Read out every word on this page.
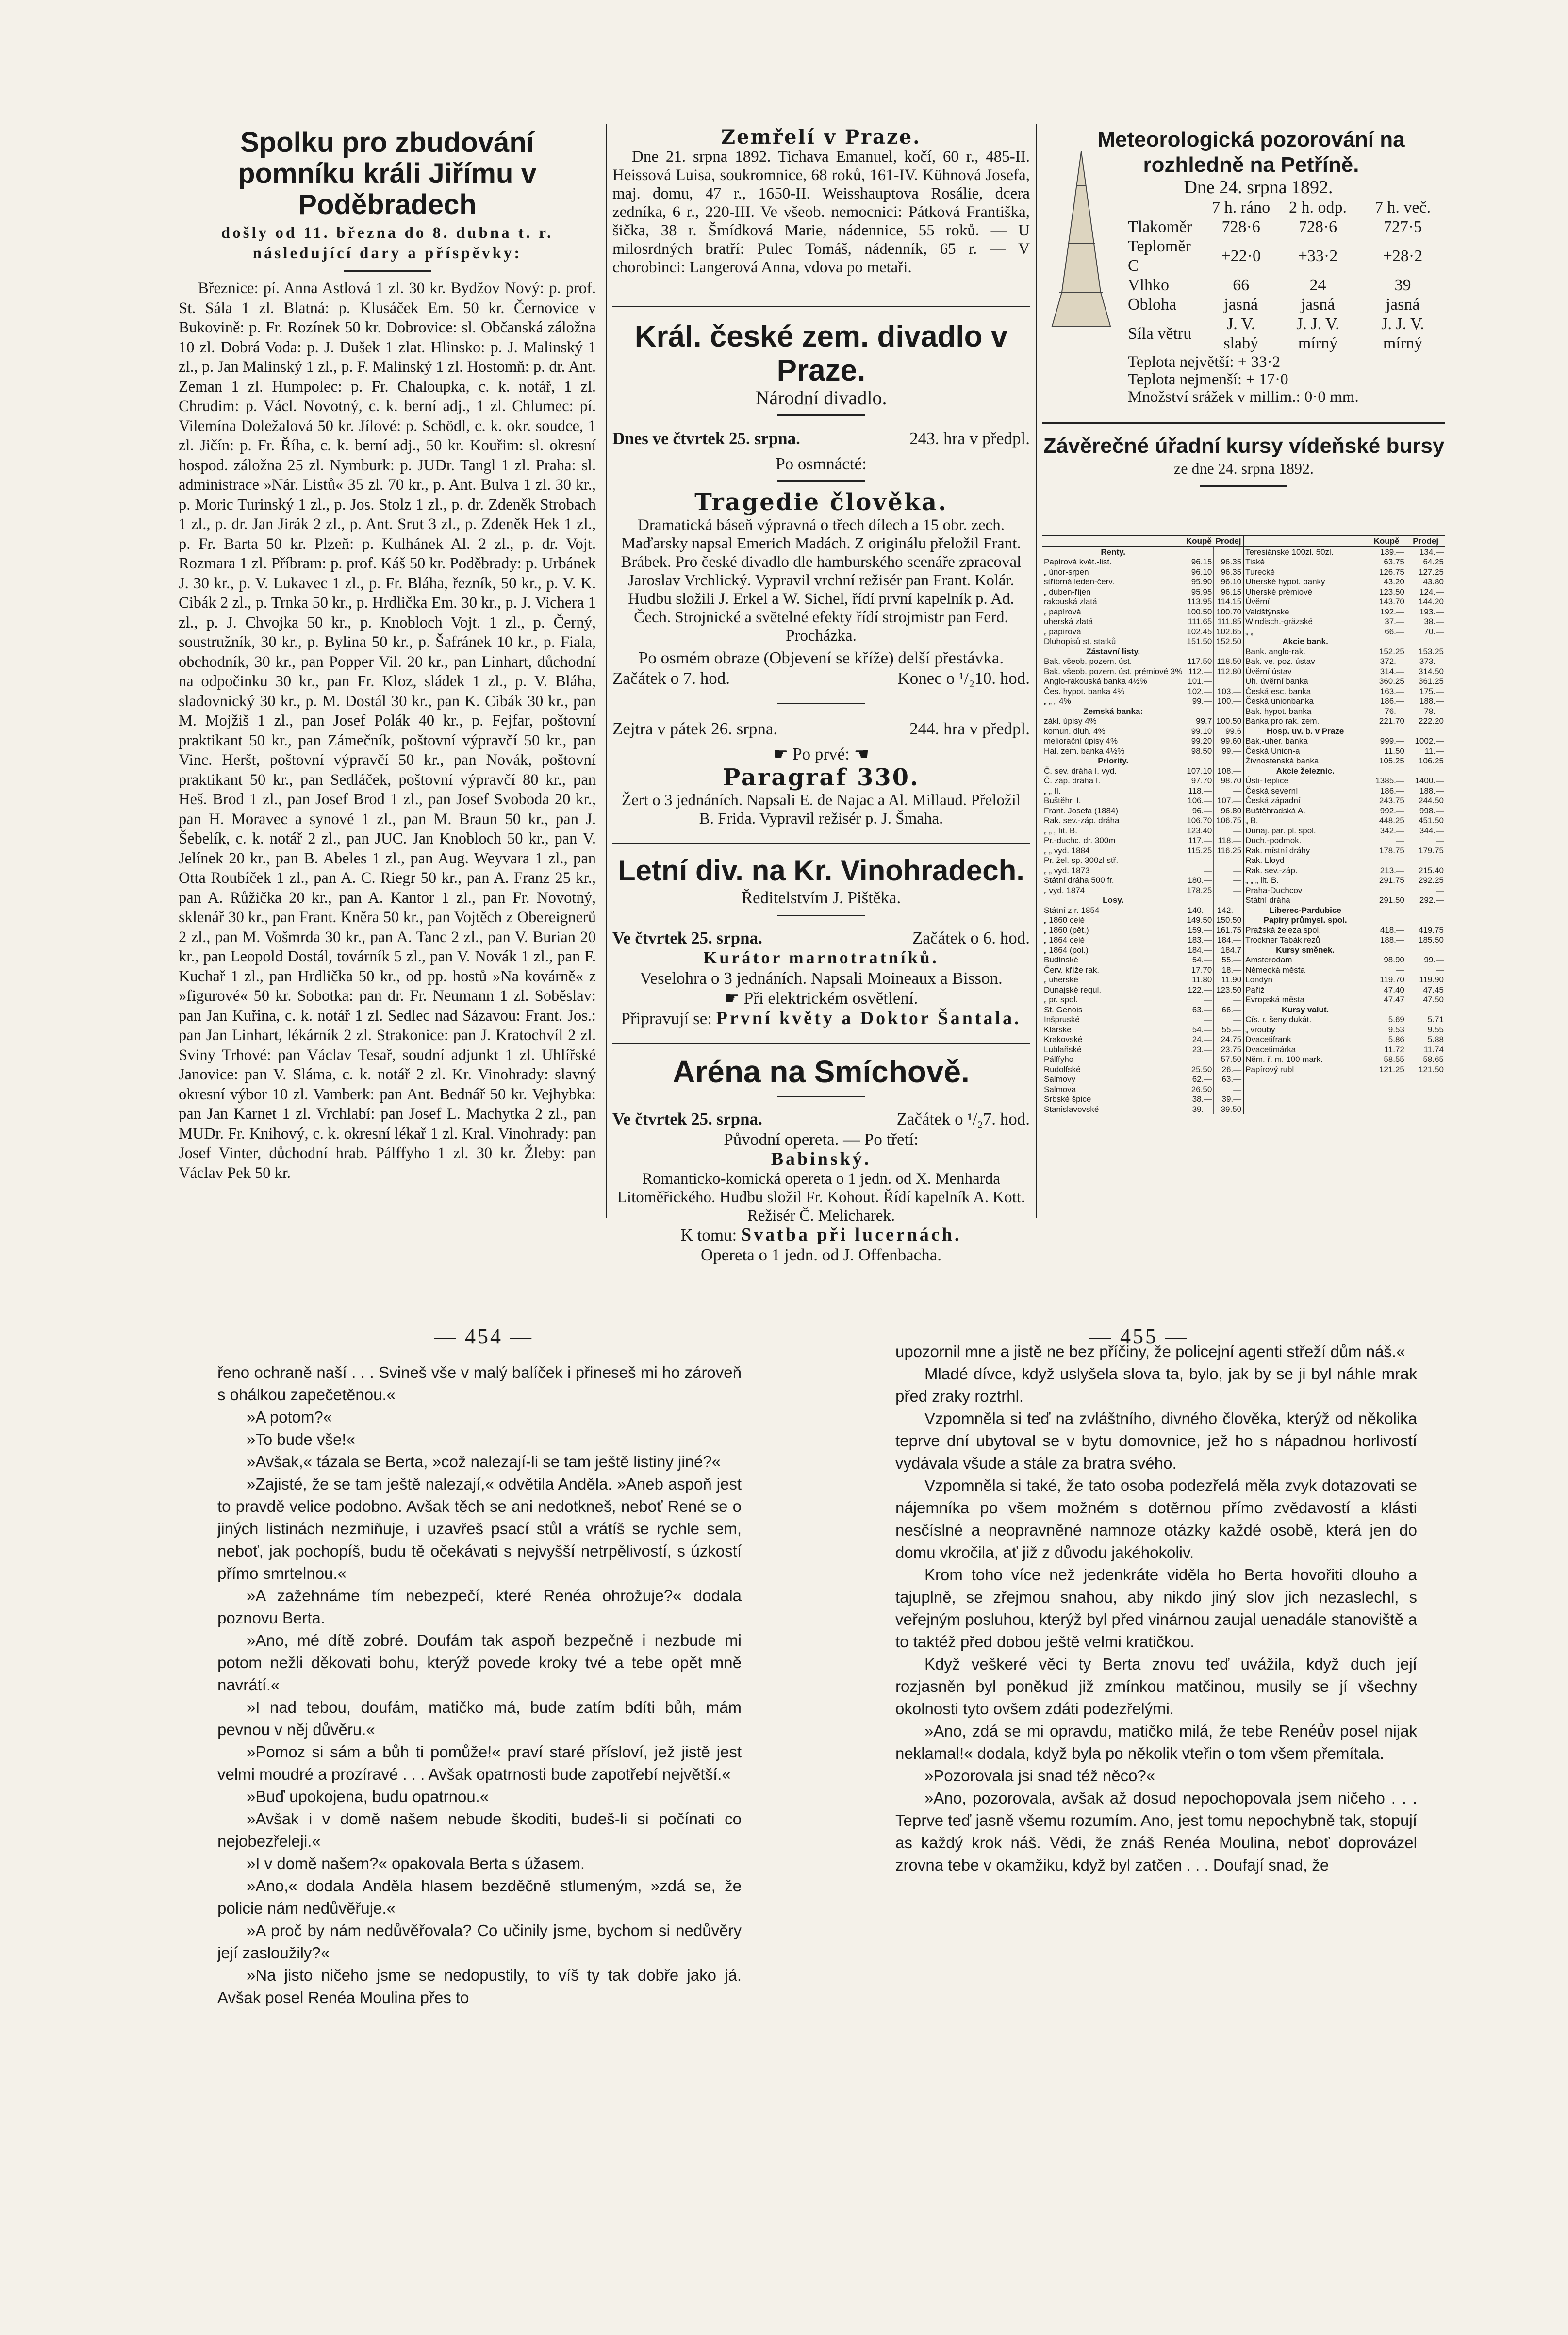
Spolku pro zbudování pomníku králi Jiřímu v Poděbradech

došly od 11. března do 8. dubna t. r. následující dary a příspěvky:

Březnice: pí. Anna Astlová 1 zl. 30 kr. Bydžov Nový: p. prof. St. Sála 1 zl. Blatná: p. Klusáček Em. 50 kr. Černovice v Bukovině: p. Fr. Rozínek 50 kr. Dobrovice: sl. Občanská záložna 10 zl. Dobrá Voda: p. J. Dušek 1 zlat. Hlinsko: p. J. Malinský 1 zl., p. Jan Malinský 1 zl., p. F. Malinský 1 zl. Hostomň: p. dr. Ant. Zeman 1 zl. Humpolec: p. Fr. Chaloupka, c. k. notář, 1 zl. Chrudim: p. Václ. Novotný, c. k. berní adj., 1 zl. Chlumec: pí. Vilemína Doležalová 50 kr. Jílové: p. Schödl, c. k. okr. soudce, 1 zl. Jičín: p. Fr. Říha, c. k. berní adj., 50 kr. Kouřim: sl. okresní hospod. záložna 25 zl. Nymburk: p. JUDr. Tangl 1 zl. Praha: sl. administrace »Nár. Listů« 35 zl. 70 kr., p. Ant. Bulva 1 zl. 30 kr., p. Moric Turinský 1 zl., p. Jos. Stolz 1 zl., p. dr. Zdeněk Strobach 1 zl., p. dr. Jan Jirák 2 zl., p. Ant. Srut 3 zl., p. Zdeněk Hek 1 zl., p. Fr. Barta 50 kr. Plzeň: p. Kulhánek Al. 2 zl., p. dr. Vojt. Rozmara 1 zl. Příbram: p. prof. Káš 50 kr. Poděbrady: p. Urbánek J. 30 kr., p. V. Lukavec 1 zl., p. Fr. Bláha, řezník, 50 kr., p. V. K. Cibák 2 zl., p. Trnka 50 kr., p. Hrdlička Em. 30 kr., p. J. Vichera 1 zl., p. J. Chvojka 50 kr., p. Knobloch Vojt. 1 zl., p. Černý, soustružník, 30 kr., p. Bylina 50 kr., p. Šafránek 10 kr., p. Fiala, obchodník, 30 kr., pan Popper Vil. 20 kr., pan Linhart, důchodní na odpočinku 30 kr., pan Fr. Kloz, sládek 1 zl., p. V. Bláha, sladovnický 30 kr., p. M. Dostál 30 kr., pan K. Cibák 30 kr., pan M. Mojžiš 1 zl., pan Josef Polák 40 kr., p. Fejfar, poštovní praktikant 50 kr., pan Zámečník, poštovní výpravčí 50 kr., pan Vinc. Heršt, poštovní výpravčí 50 kr., pan Novák, poštovní praktikant 50 kr., pan Sedláček, poštovní výpravčí 80 kr., pan Heš. Brod 1 zl., pan Josef Brod 1 zl., pan Josef Svoboda 20 kr., pan H. Moravec a synové 1 zl., pan M. Braun 50 kr., pan J. Šebelík, c. k. notář 2 zl., pan JUC. Jan Knobloch 50 kr., pan V. Jelínek 20 kr., pan B. Abeles 1 zl., pan Aug. Weyvara 1 zl., pan Otta Roubíček 1 zl., pan A. C. Riegr 50 kr., pan A. Franz 25 kr., pan A. Růžička 20 kr., pan A. Kantor 1 zl., pan Fr. Novotný, sklenář 30 kr., pan Frant. Kněra 50 kr., pan Vojtěch z Obereignerů 2 zl., pan M. Vošmrda 30 kr., pan A. Tanc 2 zl., pan V. Burian 20 kr., pan Leopold Dostál, továrník 5 zl., pan V. Novák 1 zl., pan F. Kuchař 1 zl., pan Hrdlička 50 kr., od pp. hostů »Na kovárně« z »figurové« 50 kr. Sobotka: pan dr. Fr. Neumann 1 zl. Soběslav: pan Jan Kuřina, c. k. notář 1 zl. Sedlec nad Sázavou: Frant. Jos.: pan Jan Linhart, lékárník 2 zl. Strakonice: pan J. Kratochvíl 2 zl. Sviny Trhové: pan Václav Tesař, soudní adjunkt 1 zl. Uhlířské Janovice: pan V. Sláma, c. k. notář 2 zl. Kr. Vinohrady: slavný okresní výbor 10 zl. Vamberk: pan Ant. Bednář 50 kr. Vejhybka: pan Jan Karnet 1 zl. Vrchlabí: pan Josef L. Machytka 2 zl., pan MUDr. Fr. Knihový, c. k. okresní lékař 1 zl. Kral. Vinohrady: pan Josef Vinter, důchodní hrab. Pálffyho 1 zl. 30 kr. Žleby: pan Václav Pek 50 kr.

Zemřelí v Praze.

Dne 21. srpna 1892. Tichava Emanuel, kočí, 60 r., 485-II. Heissová Luisa, soukromnice, 68 roků, 161-IV. Kühnová Josefa, maj. domu, 47 r., 1650-II. Weisshauptova Rosálie, dcera zedníka, 6 r., 220-III. Ve všeob. nemocnici: Pátková Františka, šička, 38 r. Šmídková Marie, nádennice, 55 roků. — U milosrdných bratří: Pulec Tomáš, nádenník, 65 r. — V chorobinci: Langerová Anna, vdova po metaři.

Král. české zem. divadlo v Praze.

Národní divadlo.

Dnes ve čtvrtek 25. srpna.	243. hra v předpl.

Po osmnácté:

Tragedie člověka.

Dramatická báseň výpravná o třech dílech a 15 obr. zech. Maďarsky napsal Emerich Madách. Z originálu přeložil Frant. Brábek. Pro české divadlo dle hamburského scenáře zpracoval Jaroslav Vrchlický. Vypravil vrchní režisér pan Frant. Kolár. Hudbu složili J. Erkel a W. Sichel, řídí první kapelník p. Ad. Čech. Strojnické a světelné efekty řídí strojmistr pan Ferd. Procházka.

Po osmém obraze (Objevení se kříže) delší přestávka.

Začátek o 7. hod.	Konec o ¹/₂10. hod.
Zejtra v pátek 26. srpna.	244. hra v předpl.

☛ Po prvé: ☚

Paragraf 330.

Žert o 3 jednáních. Napsali E. de Najac a Al. Millaud. Přeložil B. Frida. Vypravil režisér p. J. Šmaha.

Letní div. na Kr. Vinohradech.

Ředitelstvím J. Pištěka.

Ve čtvrtek 25. srpna.	Začátek o 6. hod.

Kurátor marnotratníků.

Veselohra o 3 jednáních. Napsali Moineaux a Bisson.

☛ Při elektrickém osvětlení.

Připravují se: První květy a Doktor Šantala.

Aréna na Smíchově.
Ve čtvrtek 25. srpna.	Začátek o ¹/₂7. hod.

Původní opereta. — Po třetí:

Babinský.

Romanticko-komická opereta o 1 jedn. od X. Menharda Litoměřického. Hudbu složil Fr. Kohout. Řídí kapelník A. Kott. Režisér Č. Melicharek.

K tomu: Svatba při lucernách.

Opereta o 1 jedn. od J. Offenbacha.

Meteorologická pozorování na rozhledně na Petříně.

Dne 24. srpna 1892.

	7 h. ráno	2 h. odp.	7 h. več.
Tlakoměr	728·6	728·6	727·5
Teploměr C	+22·0	+33·2	+28·2
Vlhko	66	24	39
Obloha	jasná	jasná	jasná
Síla větru	J. V. slabý	J. J. V. mírný	J. J. V. mírný

Teplota největší: + 33·2

Teplota nejmenší: + 17·0

Množství srážek v millim.: 0·0 mm.

Závěrečné úřadní kursy vídeňské bursy

ze dne 24. srpna 1892.

	Koupě	Prodej		Koupě	Prodej
Renty.			Teresiánské 100zl. 50zl.	139.—	134.—
Papírová květ.-list.	96.15	96.35	Tiské	63.75	64.25
„ únor-srpen	96.10	96.35	Turecké	126.75	127.25
stříbrná leden-červ.	95.90	96.10	Uherské hypot. banky	43.20	43.80
„ duben-říjen	95.95	96.15	Uherské prémiové	123.50	124.—
rakouská zlatá	113.95	114.15	Úvěrní	143.70	144.20
„ papírová	100.50	100.70	Valdštýnské	192.—	193.—
uherská zlatá	111.65	111.85	Windisch.-gräzské	37.—	38.—
„ papírová	102.45	102.65	„ „	66.—	70.—
Dluhopisů st. statků	151.50	152.50	Akcie bank.		
Zástavní listy.			Bank. anglo-rak.	152.25	153.25
Bak. všeob. pozem. úst.	117.50	118.50	Bak. ve. poz. ústav	372.—	373.—
Bak. všeob. pozem. úst. prémiové 3%	112.—	112.80	Úvěrní ústav	314.—	314.50
Anglo-rakouská banka 4½%	101.—		Uh. úvěrní banka	360.25	361.25
Čes. hypot. banka 4%	102.—	103.—	Česká esc. banka	163.—	175.—
„ „ „ 4%	99.—	100.—	Česká unionbanka	186.—	188.—
Zemská banka:			Bak. hypot. banka	76.—	78.—
zákl. úpisy 4%	99.7	100.50	Banka pro rak. zem.	221.70	222.20
komun. dluh. 4%	99.10	99.6	Hosp. uv. b. v Praze		
meliorační úpisy 4%	99.20	99.60	Bak.-uher. banka	999.—	1002.—
Hal. zem. banka 4½%	98.50	99.—	Česká Union-a	11.50	11.—
Priority.			Živnostenská banka	105.25	106.25
Č. sev. dráha I. vyd.	107.10	108.—	Akcie železnic.		
Č. záp. dráha I.	97.70	98.70	Ústí-Teplice	1385.—	1400.—
„ „ II.	118.—	—	Česká severní	186.—	188.—
Buštěhr. I.	106.—	107.—	Česká západní	243.75	244.50
Frant. Josefa (1884)	96.—	96.80	Buštěhradská A.	992.—	998.—
Rak. sev.-záp. dráha	106.70	106.75	„ B.	448.25	451.50
„ „ „ lit. B.	123.40	—	Dunaj. par. pl. spol.	342.—	344.—
Pr.-duchc. dr. 300m	117.—	118.—	Duch.-podmok.	—	—
„ „ vyd. 1884	115.25	116.25	Rak. místní dráhy	178.75	179.75
Pr. žel. sp. 300zl stř.	—	—	Rak. Lloyd	—	—
„ „ vyd. 1873	—	—	Rak. sev.-záp.	213.—	215.40
Státní dráha 500 fr.	180.—	—	„ „ „ lit. B.	291.75	292.25
„ vyd. 1874	178.25	—	Praha-Duchcov		—
Losy.			Státní dráha	291.50	292.—
Státní z r. 1854	140.—	142.—	Liberec-Pardubice		
„ 1860 celé	149.50	150.50	Papíry průmysl. spol.		
„ 1860 (pět.)	159.—	161.75	Pražská železa spol.	418.—	419.75
„ 1864 celé	183.—	184.—	Trockner Tabák rezů	188.—	185.50
„ 1864 (pol.)	184.—	184.7	Kursy směnek.		
Budínské	54.—	55.—	Amsterodam	98.90	99.—
Červ. kříže rak.	17.70	18.—	Německá města	—	—
„ uherské	11.80	11.90	Londýn	119.70	119.90
Dunajské regul.	122.—	123.50	Paříž	47.40	47.45
„ pr. spol.	—	—	Evropská města	47.47	47.50
St. Genois	63.—	66.—	Kursy valut.		
Inšpruské	—	—	Cís. r. šeny dukát.	5.69	5.71
Klárské	54.—	55.—	„ vrouby	9.53	9.55
Krakovské	24.—	24.75	Dvacetifrank	5.86	5.88
Lublaňské	23.—	23.75	Dvacetimárka	11.72	11.74
Pálffyho	—	57.50	Něm. ř. m. 100 mark.	58.55	58.65
Rudolfské	25.50	26.—	Papírový rubl	121.25	121.50
Salmovy	62.—	63.—			
Salmova	26.50	—			
Srbské špice	38.—	39.—			
Stanislavovské	39.—	39.50			
— 454 —	— 455 —

řeno ochraně naší . . . Svineš vše v malý balíček i přineseš mi ho zároveň s ohálkou zapečetěnou.«

»A potom?«

»To bude vše!«

»Avšak,« tázala se Berta, »což nalezají-li se tam ještě listiny jiné?«

»Zajisté, že se tam ještě nalezají,« odvětila Anděla. »Aneb aspoň jest to pravdě velice podobno. Avšak těch se ani nedotkneš, neboť René se o jiných listinách nezmiňuje, i uzavřeš psací stůl a vrátíš se rychle sem, neboť, jak pochopíš, budu tě očekávati s nejvyšší netrpělivostí, s úzkostí přímo smrtelnou.«

»A zažehnáme tím nebezpečí, které Renéa ohrožuje?« dodala poznovu Berta.

»Ano, mé dítě zobré. Doufám tak aspoň bezpečně i nezbude mi potom nežli děkovati bohu, kterýž povede kroky tvé a tebe opět mně navrátí.«

»I nad tebou, doufám, matičko má, bude zatím bdíti bůh, mám pevnou v něj důvěru.«

»Pomoz si sám a bůh ti pomůže!« praví staré přísloví, jež jistě jest velmi moudré a prozíravé . . . Avšak opatrnosti bude zapotřebí největší.«

»Buď upokojena, budu opatrnou.«

»Avšak i v domě našem nebude škoditi, budeš-li si počínati co nejobezřeleji.«

»I v domě našem?« opakovala Berta s úžasem.

»Ano,« dodala Anděla hlasem bezděčně stlumeným, »zdá se, že policie nám nedůvěřuje.«

»A proč by nám nedůvěřovala? Co učinily jsme, bychom si nedůvěry její zasloužily?«

»Na jisto ničeho jsme se nedopustily, to víš ty tak dobře jako já. Avšak posel Renéa Moulina přes to

upozornil mne a jistě ne bez příčiny, že policejní agenti střeží dům náš.«

Mladé dívce, když uslyšela slova ta, bylo, jak by se ji byl náhle mrak před zraky roztrhl.

Vzpomněla si teď na zvláštního, divného člověka, kterýž od několika teprve dní ubytoval se v bytu domovnice, jež ho s nápadnou horlivostí vydávala všude a stále za bratra svého.

Vzpomněla si také, že tato osoba podezřelá měla zvyk dotazovati se nájemníka po všem možném s dotěrnou přímo zvědavostí a klásti nesčíslné a neopravněné namnoze otázky každé osobě, která jen do domu vkročila, ať již z důvodu jakéhokoliv.

Krom toho více než jedenkráte viděla ho Berta hovořiti dlouho a tajuplně, se zřejmou snahou, aby nikdo jiný slov jich nezaslechl, s veřejným posluhou, kterýž byl před vinárnou zaujal uenadále stanoviště a to taktéž před dobou ještě velmi kratičkou.

Když veškeré věci ty Berta znovu teď uvážila, když duch její rozjasněn byl poněkud již zmínkou matčinou, musily se jí všechny okolnosti tyto ovšem zdáti podezřelými.

»Ano, zdá se mi opravdu, matičko milá, že tebe Renéův posel nijak neklamal!« dodala, když byla po několik vteřin o tom všem přemítala.

»Pozorovala jsi snad též něco?«

»Ano, pozorovala, avšak až dosud nepochopovala jsem ničeho . . . Teprve teď jasně všemu rozumím. Ano, jest tomu nepochybně tak, stopují as každý krok náš. Vědi, že znáš Renéa Moulina, neboť doprovázel zrovna tebe v okamžiku, když byl zatčen . . . Doufají snad, že
